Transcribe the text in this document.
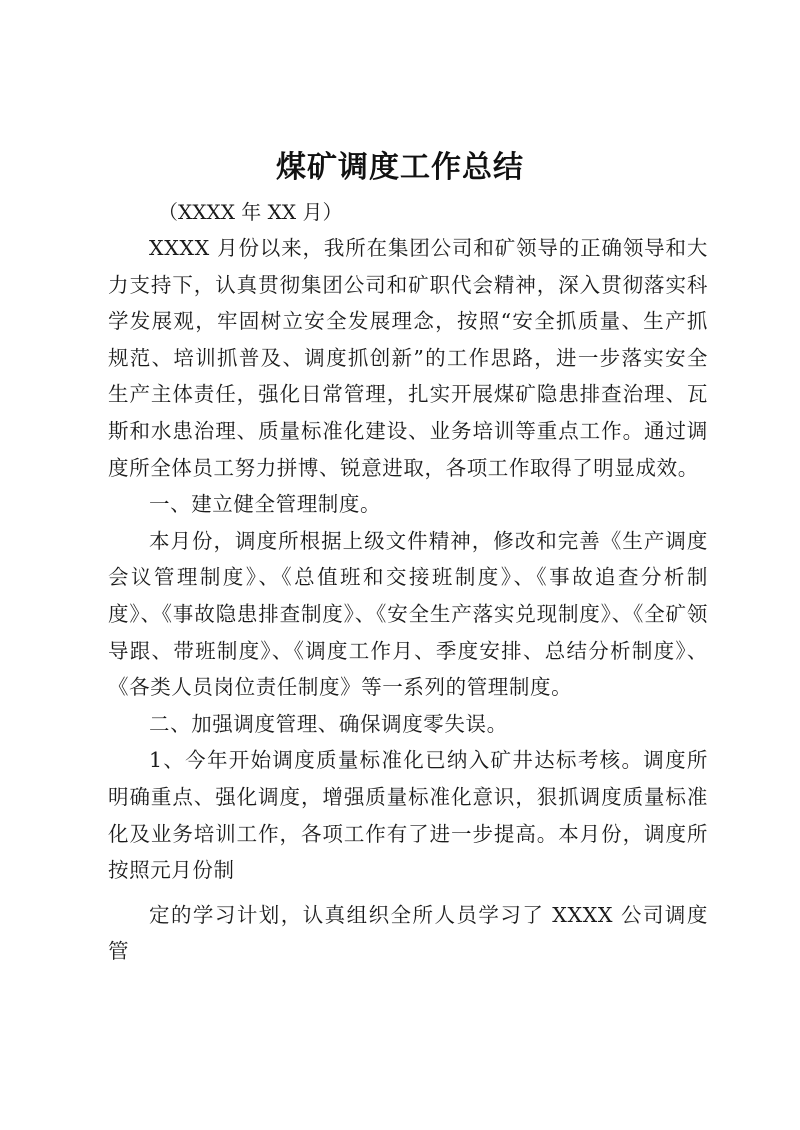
煤矿调度工作总结

（XXXX 年 XX 月）

XXXX 月份以来，我所在集团公司和矿领导的正确领导和大力支持下，认真贯彻集团公司和矿职代会精神，深入贯彻落实科学发展观，牢固树立安全发展理念，按照“安全抓质量、生产抓规范、培训抓普及、调度抓创新”的工作思路，进一步落实安全生产主体责任，强化日常管理，扎实开展煤矿隐患排查治理、瓦斯和水患治理、质量标准化建设、业务培训等重点工作。通过调度所全体员工努力拼博、锐意进取，各项工作取得了明显成效。

一、建立健全管理制度。

本月份，调度所根据上级文件精神，修改和完善《生产调度会议管理制度》、《总值班和交接班制度》、《事故追查分析制度》、《事故隐患排查制度》、《安全生产落实兑现制度》、《全矿领导跟、带班制度》、《调度工作月、季度安排、总结分析制度》、《各类人员岗位责任制度》等一系列的管理制度。

二、加强调度管理、确保调度零失误。

1、今年开始调度质量标准化已纳入矿井达标考核。调度所明确重点、强化调度，增强质量标准化意识，狠抓调度质量标准化及业务培训工作，各项工作有了进一步提高。本月份，调度所按照元月份制

定的学习计划，认真组织全所人员学习了 XXXX 公司调度管
